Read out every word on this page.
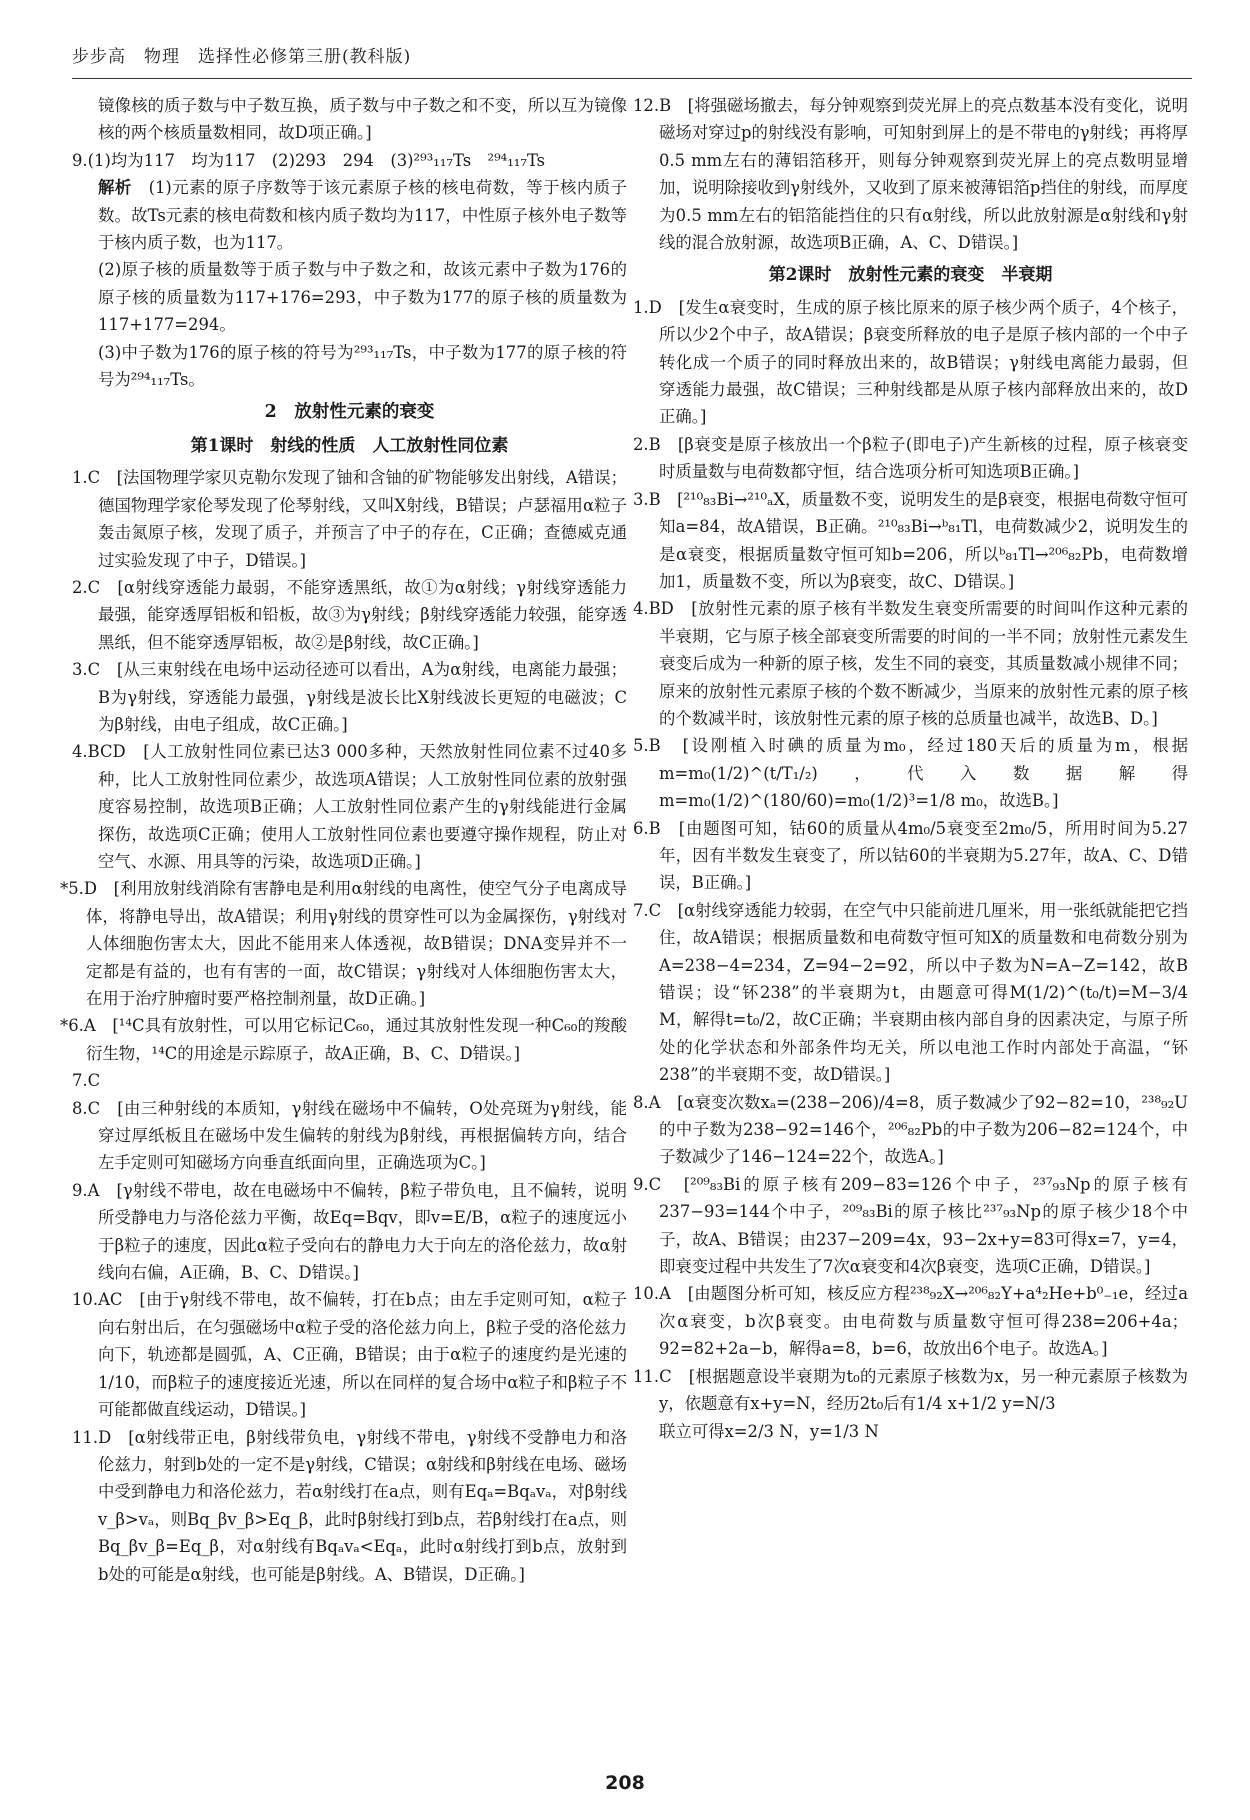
步步高　物理　选择性必修第三册(教科版)

镜像核的质子数与中子数互换，质子数与中子数之和不变，所以互为镜像核的两个核质量数相同，故D项正确。]

9.(1)均为117　均为117　(2)293　294　(3)²⁹³₁₁₇Ts　²⁹⁴₁₁₇Ts

解析　 (1)元素的原子序数等于该元素原子核的核电荷数，等于核内质子数。故Ts元素的核电荷数和核内质子数均为117，中性原子核外电子数等于核内质子数，也为117。

(2)原子核的质量数等于质子数与中子数之和，故该元素中子数为176的原子核的质量数为117+176=293，中子数为177的原子核的质量数为117+177=294。

(3)中子数为176的原子核的符号为²⁹³₁₁₇Ts，中子数为177的原子核的符号为²⁹⁴₁₁₇Ts。

2　放射性元素的衰变

第1课时　射线的性质　人工放射性同位素

1.C　[法国物理学家贝克勒尔发现了铀和含铀的矿物能够发出射线，A错误；德国物理学家伦琴发现了伦琴射线，又叫X射线，B错误；卢瑟福用α粒子轰击氮原子核，发现了质子，并预言了中子的存在，C正确；查德威克通过实验发现了中子，D错误。]

2.C　[α射线穿透能力最弱，不能穿透黑纸，故①为α射线；γ射线穿透能力最强，能穿透厚铝板和铅板，故③为γ射线；β射线穿透能力较强，能穿透黑纸，但不能穿透厚铝板，故②是β射线，故C正确。]

3.C　[从三束射线在电场中运动径迹可以看出，A为α射线，电离能力最强；B为γ射线，穿透能力最强，γ射线是波长比X射线波长更短的电磁波；C为β射线，由电子组成，故C正确。]

4.BCD　[人工放射性同位素已达3 000多种，天然放射性同位素不过40多种，比人工放射性同位素少，故选项A错误；人工放射性同位素的放射强度容易控制，故选项B正确；人工放射性同位素产生的γ射线能进行金属探伤，故选项C正确；使用人工放射性同位素也要遵守操作规程，防止对空气、水源、用具等的污染，故选项D正确。]

*5.D　[利用放射线消除有害静电是利用α射线的电离性，使空气分子电离成导体，将静电导出，故A错误；利用γ射线的贯穿性可以为金属探伤，γ射线对人体细胞伤害太大，因此不能用来人体透视，故B错误；DNA变异并不一定都是有益的，也有有害的一面，故C错误；γ射线对人体细胞伤害太大，在用于治疗肿瘤时要严格控制剂量，故D正确。]

*6.A　[¹⁴C具有放射性，可以用它标记C₆₀，通过其放射性发现一种C₆₀的羧酸衍生物，¹⁴C的用途是示踪原子，故A正确，B、C、D错误。]

7.C

8.C　[由三种射线的本质知，γ射线在磁场中不偏转，O处亮斑为γ射线，能穿过厚纸板且在磁场中发生偏转的射线为β射线，再根据偏转方向，结合左手定则可知磁场方向垂直纸面向里，正确选项为C。]

9.A　[γ射线不带电，故在电磁场中不偏转，β粒子带负电，且不偏转，说明所受静电力与洛伦兹力平衡，故Eq=Bqv，即v=E/B，α粒子的速度远小于β粒子的速度，因此α粒子受向右的静电力大于向左的洛伦兹力，故α射线向右偏，A正确，B、C、D错误。]

10.AC　[由于γ射线不带电，故不偏转，打在b点；由左手定则可知，α粒子向右射出后，在匀强磁场中α粒子受的洛伦兹力向上，β粒子受的洛伦兹力向下，轨迹都是圆弧，A、C正确，B错误；由于α粒子的速度约是光速的1/10，而β粒子的速度接近光速，所以在同样的复合场中α粒子和β粒子不可能都做直线运动，D错误。]

11.D　[α射线带正电，β射线带负电，γ射线不带电，γ射线不受静电力和洛伦兹力，射到b处的一定不是γ射线，C错误；α射线和β射线在电场、磁场中受到静电力和洛伦兹力，若α射线打在a点，则有Eqₐ=Bqₐvₐ，对β射线v_β>vₐ，则Bq_βv_β>Eq_β，此时β射线打到b点，若β射线打在a点，则Bq_βv_β=Eq_β，对α射线有Bqₐvₐ<Eqₐ，此时α射线打到b点，放射到b处的可能是α射线，也可能是β射线。A、B错误，D正确。]

12.B　[将强磁场撤去，每分钟观察到荧光屏上的亮点数基本没有变化，说明磁场对穿过p的射线没有影响，可知射到屏上的是不带电的γ射线；再将厚0.5 mm左右的薄铝箔移开，则每分钟观察到荧光屏上的亮点数明显增加，说明除接收到γ射线外，又收到了原来被薄铝箔p挡住的射线，而厚度为0.5 mm左右的铝箔能挡住的只有α射线，所以此放射源是α射线和γ射线的混合放射源，故选项B正确，A、C、D错误。]

第2课时　放射性元素的衰变　半衰期

1.D　[发生α衰变时，生成的原子核比原来的原子核少两个质子，4个核子，所以少2个中子，故A错误；β衰变所释放的电子是原子核内部的一个中子转化成一个质子的同时释放出来的，故B错误；γ射线电离能力最弱，但穿透能力最强，故C错误；三种射线都是从原子核内部释放出来的，故D正确。]

2.B　[β衰变是原子核放出一个β粒子(即电子)产生新核的过程，原子核衰变时质量数与电荷数都守恒，结合选项分析可知选项B正确。]

3.B　[²¹⁰₈₃Bi→²¹⁰ₐX，质量数不变，说明发生的是β衰变，根据电荷数守恒可知a=84，故A错误，B正确。²¹⁰₈₃Bi→ᵇ₈₁Tl，电荷数减少2，说明发生的是α衰变，根据质量数守恒可知b=206，所以ᵇ₈₁Tl→²⁰⁶₈₂Pb，电荷数增加1，质量数不变，所以为β衰变，故C、D错误。]

4.BD　[放射性元素的原子核有半数发生衰变所需要的时间叫作这种元素的半衰期，它与原子核全部衰变所需要的时间的一半不同；放射性元素发生衰变后成为一种新的原子核，发生不同的衰变，其质量数减小规律不同；原来的放射性元素原子核的个数不断减少，当原来的放射性元素的原子核的个数减半时，该放射性元素的原子核的总质量也减半，故选B、D。]

5.B　[设刚植入时碘的质量为m₀，经过180天后的质量为m，根据m=m₀(1/2)^(t/T₁/₂)，代入数据解得m=m₀(1/2)^(180/60)=m₀(1/2)³=1/8 m₀，故选B。]

6.B　[由题图可知，钴60的质量从4m₀/5衰变至2m₀/5，所用时间为5.27年，因有半数发生衰变了，所以钴60的半衰期为5.27年，故A、C、D错误，B正确。]

7.C　[α射线穿透能力较弱，在空气中只能前进几厘米，用一张纸就能把它挡住，故A错误；根据质量数和电荷数守恒可知X的质量数和电荷数分别为A=238−4=234，Z=94−2=92，所以中子数为N=A−Z=142，故B错误；设“钚238”的半衰期为t，由题意可得M(1/2)^(t₀/t)=M−3/4 M，解得t=t₀/2，故C正确；半衰期由核内部自身的因素决定，与原子所处的化学状态和外部条件均无关，所以电池工作时内部处于高温，“钚238”的半衰期不变，故D错误。]

8.A　[α衰变次数xₐ=(238−206)/4=8，质子数减少了92−82=10，²³⁸₉₂U的中子数为238−92=146个，²⁰⁶₈₂Pb的中子数为206−82=124个，中子数减少了146−124=22个，故选A。]

9.C　[²⁰⁹₈₃Bi的原子核有209−83=126个中子，²³⁷₉₃Np的原子核有237−93=144个中子，²⁰⁹₈₃Bi的原子核比²³⁷₉₃Np的原子核少18个中子，故A、B错误；由237−209=4x，93−2x+y=83可得x=7，y=4，即衰变过程中共发生了7次α衰变和4次β衰变，选项C正确，D错误。]

10.A　[由题图分析可知，核反应方程²³⁸₉₂X→²⁰⁶₈₂Y+a⁴₂He+b⁰₋₁e，经过a次α衰变，b次β衰变。由电荷数与质量数守恒可得238=206+4a；92=82+2a−b，解得a=8，b=6，故放出6个电子。故选A。]

11.C　[根据题意设半衰期为t₀的元素原子核数为x，另一种元素原子核数为y，依题意有x+y=N，经历2t₀后有1/4 x+1/2 y=N/3

联立可得x=2/3 N，y=1/3 N

208
